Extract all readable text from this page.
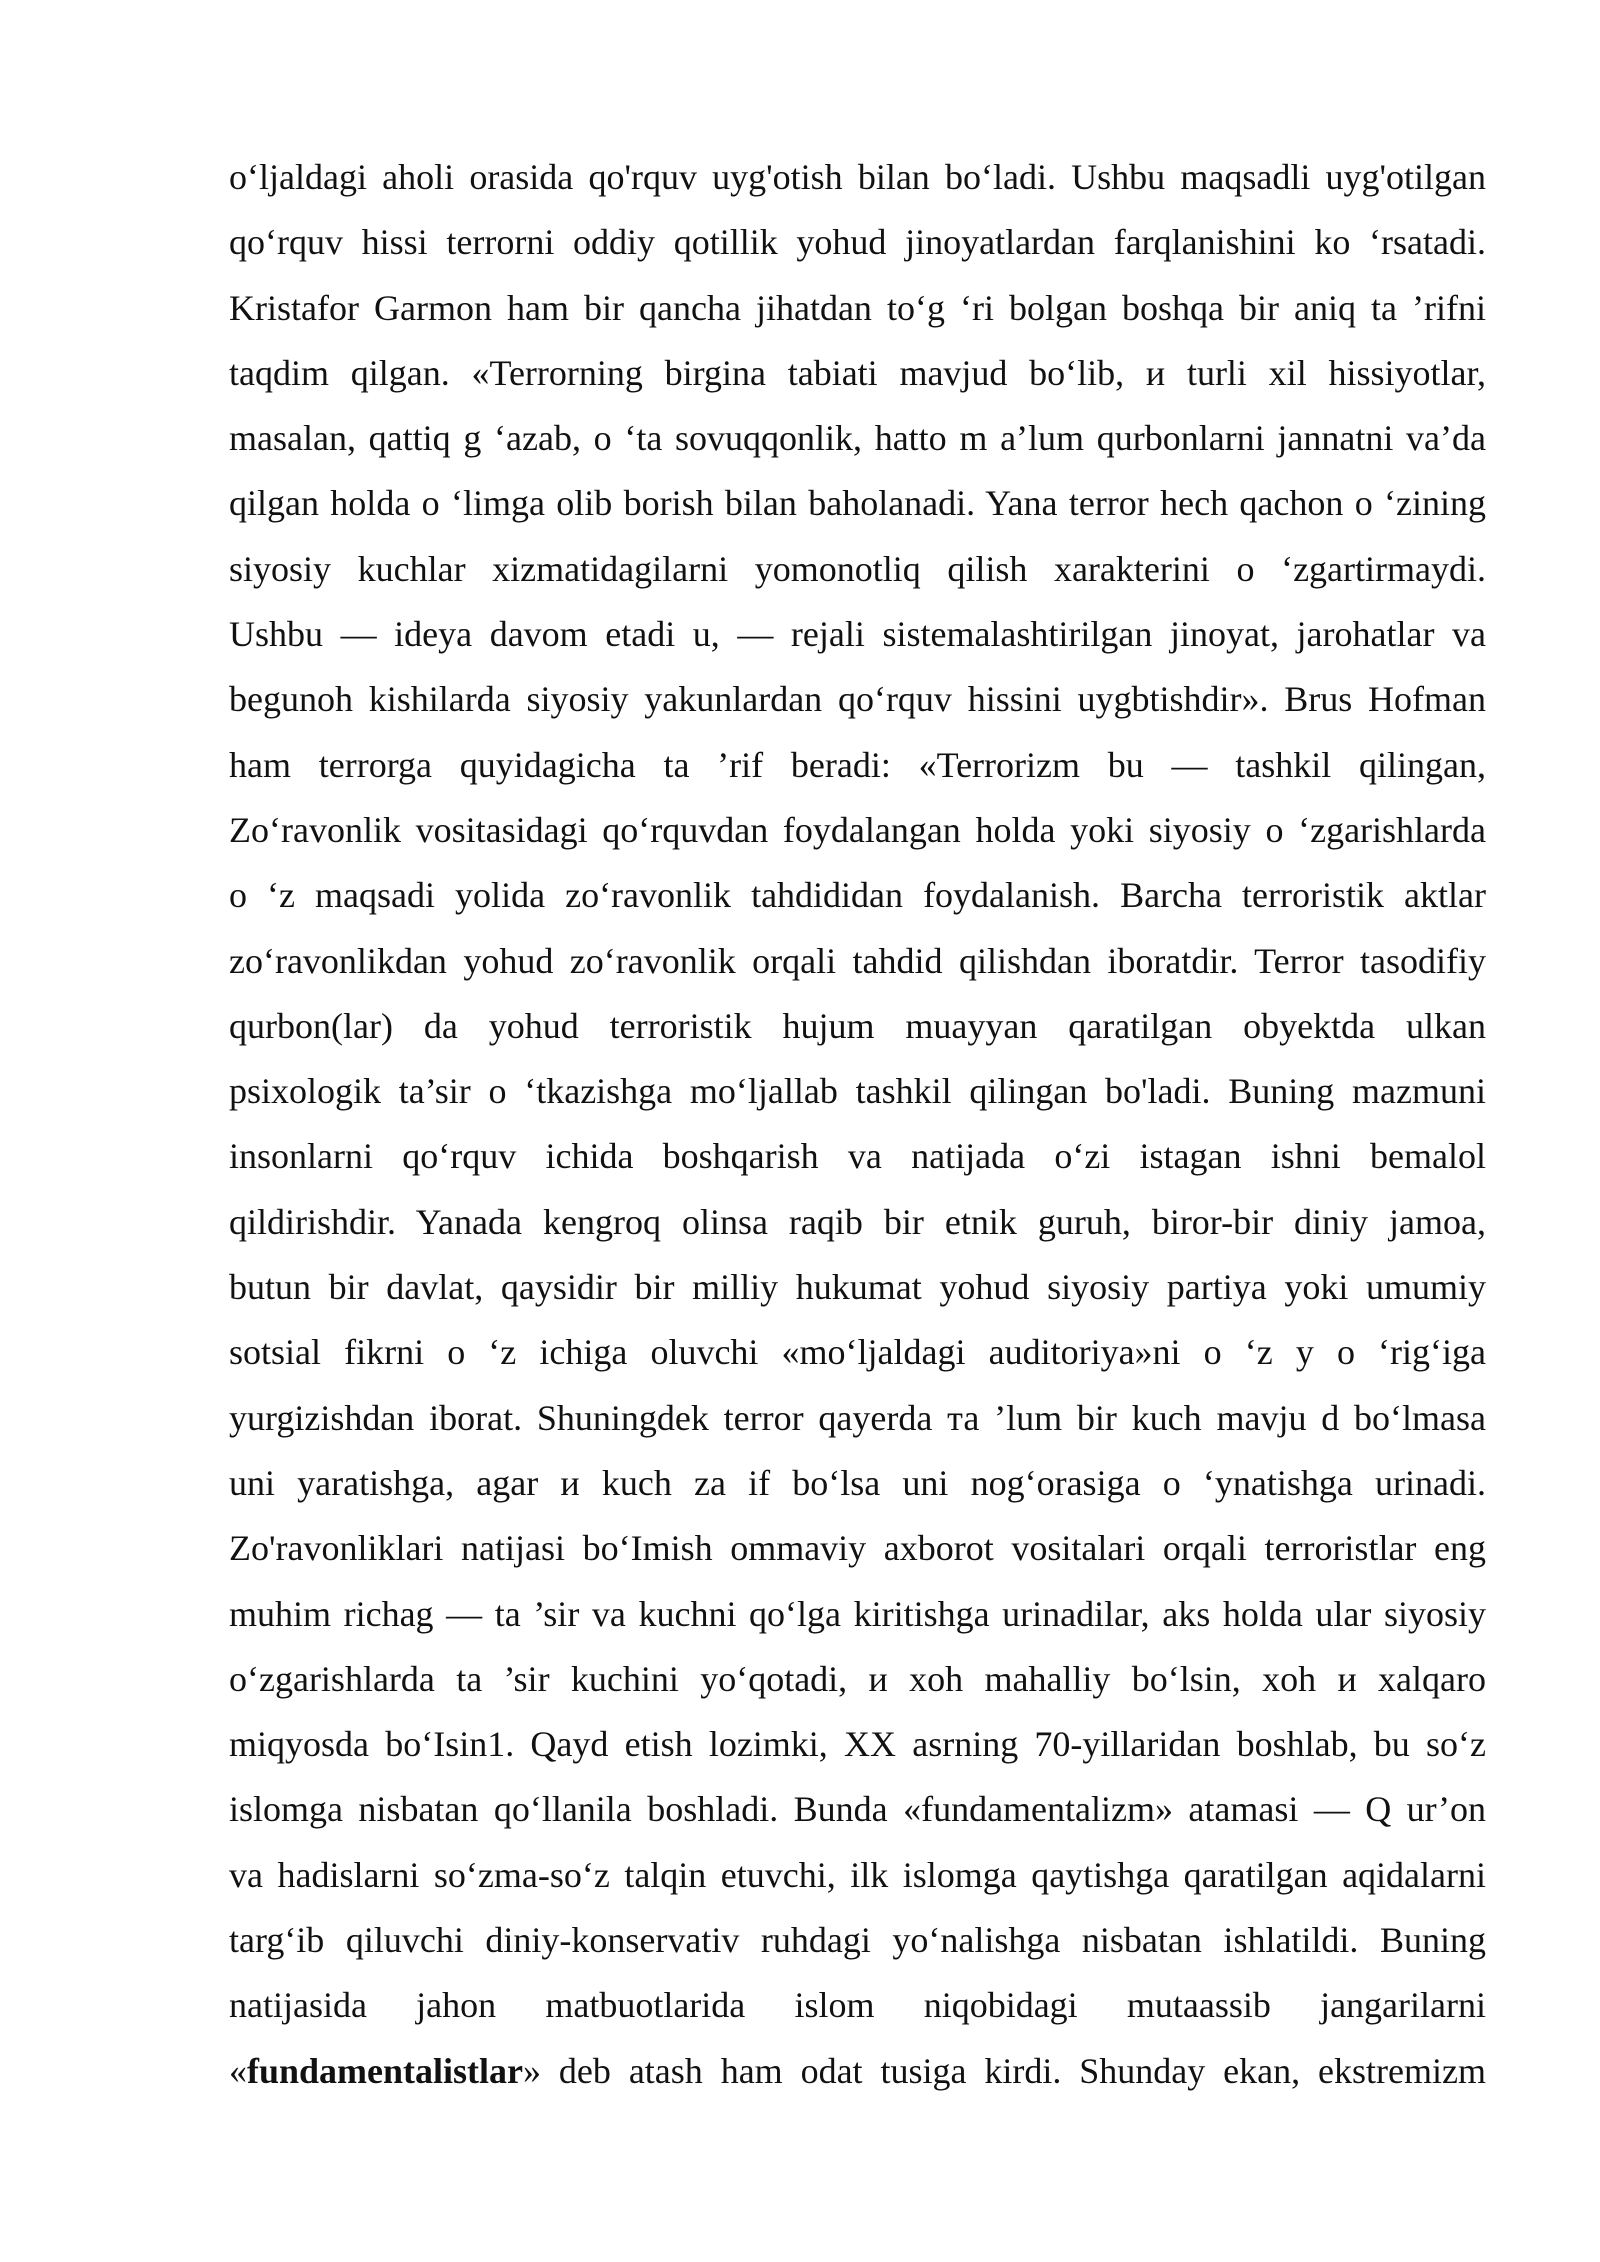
o‘ljaldagi aholi orasida qo'rquv uyg'otish bilan bo‘ladi. Ushbu maqsadli uyg'otilgan
qo‘rquv hissi terrorni oddiy qotillik yohud jinoyatlardan farqlanishini ko ‘rsatadi.
Kristafor Garmon ham bir qancha jihatdan to‘g ‘ri bolgan boshqa bir aniq ta ’rifni
taqdim qilgan. «Terrorning birgina tabiati mavjud bo‘lib, и turli xil hissiyotlar,
masalan, qattiq g ‘azab, o ‘ta sovuqqonlik, hatto m a’lum qurbonlarni jannatni va’da
qilgan holda o ‘limga olib borish bilan baholanadi. Yana terror hech qachon o ‘zining
siyosiy kuchlar xizmatidagilarni yomonotliq qilish xarakterini o ‘zgartirmaydi.
Ushbu — ideya davom etadi u, — rejali sistemalashtirilgan jinoyat, jarohatlar va
begunoh kishilarda siyosiy yakunlardan qo‘rquv hissini uygbtishdir». Brus Hofman
ham terrorga quyidagicha ta ’rif beradi: «Terrorizm bu — tashkil qilingan,
Zo‘ravonlik vositasidagi qo‘rquvdan foydalangan holda yoki siyosiy o ‘zgarishlarda
o ‘z maqsadi yolida zo‘ravonlik tahdididan foydalanish. Barcha terroristik aktlar
zo‘ravonlikdan yohud zo‘ravonlik orqali tahdid qilishdan iboratdir. Terror tasodifiy
qurbon(lar) da yohud terroristik hujum muayyan qaratilgan obyektda ulkan
psixologik ta’sir o ‘tkazishga mo‘ljallab tashkil qilingan bo'ladi. Buning mazmuni
insonlarni qo‘rquv ichida boshqarish va natijada o‘zi istagan ishni bemalol
qildirishdir. Yanada kengroq olinsa raqib bir etnik guruh, biror-bir diniy jamoa,
butun bir davlat, qaysidir bir milliy hukumat yohud siyosiy partiya yoki umumiy
sotsial fikrni o ‘z ichiga oluvchi «mo‘ljaldagi auditoriya»ni o ‘z у o ‘rig‘iga
yurgizishdan iborat. Shuningdek terror qayerda та ’lum bir kuch mavju d bo‘lmasa
uni yaratishga, agar и kuch za if bo‘lsa uni nog‘orasiga o ‘ynatishga urinadi.
Zo'ravonliklari natijasi bo‘Imish ommaviy axborot vositalari orqali terroristlar eng
muhim richag — ta ’sir va kuchni qo‘lga kiritishga urinadilar, aks holda ular siyosiy
o‘zgarishlarda ta ’sir kuchini yo‘qotadi, и xoh mahalliy bo‘lsin, xoh и xalqaro
miqyosda bo‘Isin1. Qayd etish lozimki, XX asrning 70-yillaridan boshlab, bu so‘z
islomga nisbatan qo‘llanila boshladi. Bunda «fundamentalizm» atamasi — Q ur’on
va hadislarni so‘zma-so‘z talqin etuvchi, ilk islomga qaytishga qaratilgan aqidalarni
targ‘ib qiluvchi diniy-konservativ ruhdagi yo‘nalishga nisbatan ishlatildi. Buning
natijasida jahon matbuotlarida islom niqobidagi mutaassib jangarilarni
«fundamentalistlar» deb atash ham odat tusiga kirdi. Shunday ekan, ekstremizm
